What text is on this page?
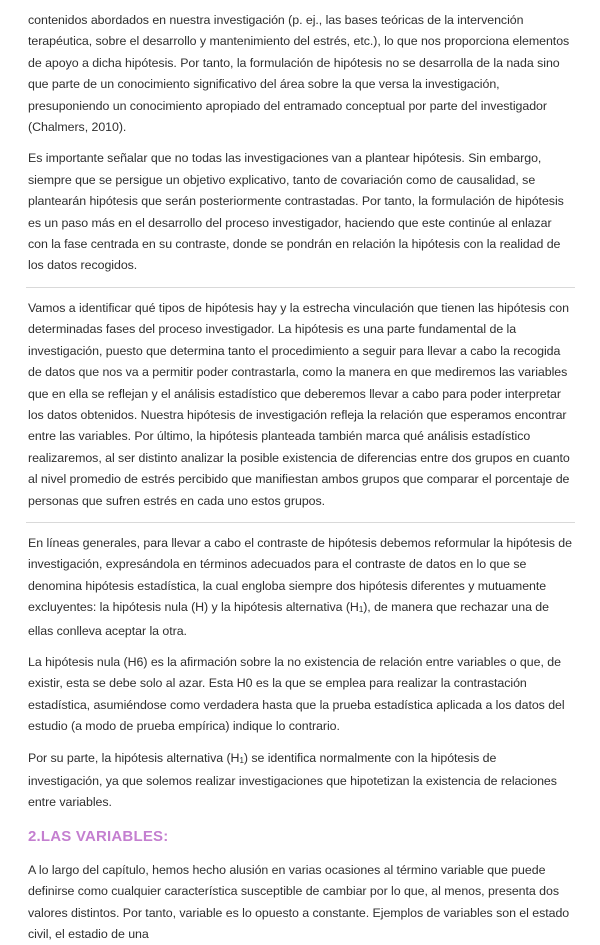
contenidos abordados en nuestra investigación (p. ej., las bases teóricas de la intervención terapéutica, sobre el desarrollo y mantenimiento del estrés, etc.), lo que nos proporciona elementos de apoyo a dicha hipótesis. Por tanto, la formulación de hipótesis no se desarrolla de la nada sino que parte de un conocimiento significativo del área sobre la que versa la investigación, presuponiendo un conocimiento apropiado del entramado conceptual por parte del investigador (Chalmers, 2010).

Es importante señalar que no todas las investigaciones van a plantear hipótesis. Sin embargo, siempre que se persigue un objetivo explicativo, tanto de covariación como de causalidad, se plantearán hipótesis que serán posteriormente contrastadas. Por tanto, la formulación de hipótesis es un paso más en el desarrollo del proceso investigador, haciendo que este continúe al enlazar con la fase centrada en su contraste, donde se pondrán en relación la hipótesis con la realidad de los datos recogidos.

Vamos a identificar qué tipos de hipótesis hay y la estrecha vinculación que tienen las hipótesis con determinadas fases del proceso investigador. La hipótesis es una parte fundamental de la investigación, puesto que determina tanto el procedimiento a seguir para llevar a cabo la recogida de datos que nos va a permitir poder contrastarla, como la manera en que mediremos las variables que en ella se reflejan y el análisis estadístico que deberemos llevar a cabo para poder interpretar los datos obtenidos. Nuestra hipótesis de investigación refleja la relación que esperamos encontrar entre las variables. Por último, la hipótesis planteada también marca qué análisis estadístico realizaremos, al ser distinto analizar la posible existencia de diferencias entre dos grupos en cuanto al nivel promedio de estrés percibido que manifiestan ambos grupos que comparar el porcentaje de personas que sufren estrés en cada uno estos grupos.

En líneas generales, para llevar a cabo el contraste de hipótesis debemos reformular la hipótesis de investigación, expresándola en términos adecuados para el contraste de datos en lo que se denomina hipótesis estadística, la cual engloba siempre dos hipótesis diferentes y mutuamente excluyentes: la hipótesis nula (H) y la hipótesis alternativa (H1), de manera que rechazar una de ellas conlleva aceptar la otra.

La hipótesis nula (H6) es la afirmación sobre la no existencia de relación entre variables o que, de existir, esta se debe solo al azar. Esta H0 es la que se emplea para realizar la contrastación estadística, asumiéndose como verdadera hasta que la prueba estadística aplicada a los datos del estudio (a modo de prueba empírica) indique lo contrario.

Por su parte, la hipótesis alternativa (H1) se identifica normalmente con la hipótesis de investigación, ya que solemos realizar investigaciones que hipotetizan la existencia de relaciones entre variables.

2.LAS VARIABLES:

A lo largo del capítulo, hemos hecho alusión en varias ocasiones al término variable que puede definirse como cualquier característica susceptible de cambiar por lo que, al menos, presenta dos valores distintos. Por tanto, variable es lo opuesto a constante. Ejemplos de variables son el estado civil, el estadio de una
